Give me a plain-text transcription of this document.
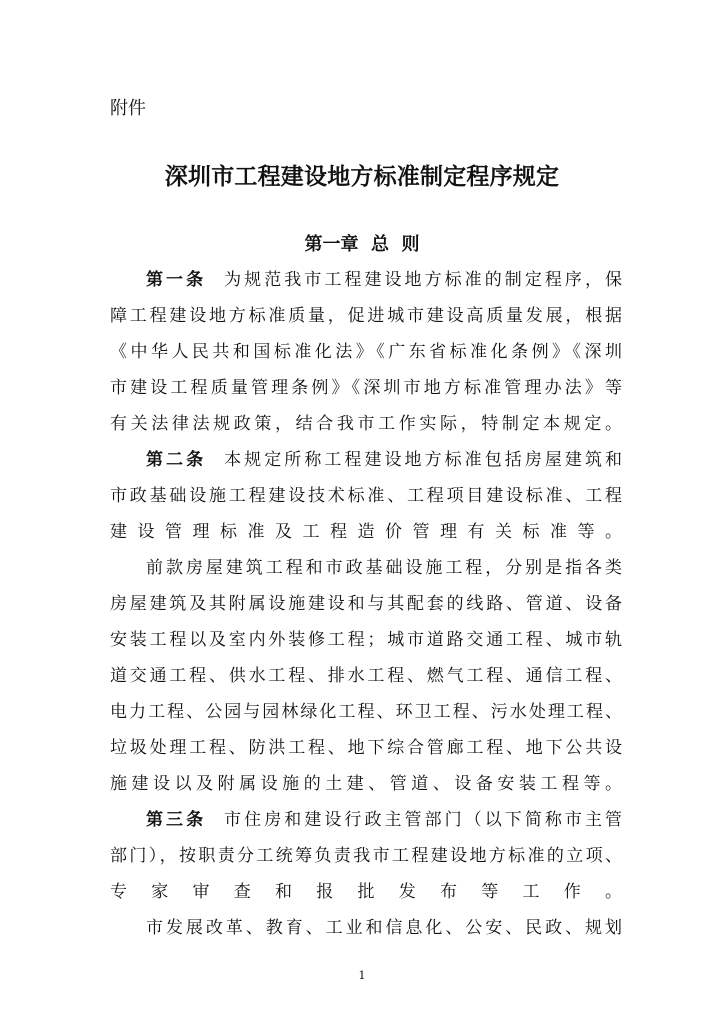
附件
深圳市工程建设地方标准制定程序规定
第一章  总  则
第一条 为规范我市工程建设地方标准的制定程序，保
障工程建设地方标准质量，促进城市建设高质量发展，根据
《中华人民共和国标准化法》《广东省标准化条例》《深圳
市建设工程质量管理条例》《深圳市地方标准管理办法》等
有关法律法规政策，结合我市工作实际，特制定本规定。
第二条 本规定所称工程建设地方标准包括房屋建筑和
市政基础设施工程建设技术标准、工程项目建设标准、工程
建设管理标准及工程造价管理有关标准等。
前款房屋建筑工程和市政基础设施工程，分别是指各类
房屋建筑及其附属设施建设和与其配套的线路、管道、设备
安装工程以及室内外装修工程；城市道路交通工程、城市轨
道交通工程、供水工程、排水工程、燃气工程、通信工程、
电力工程、公园与园林绿化工程、环卫工程、污水处理工程、
垃圾处理工程、防洪工程、地下综合管廊工程、地下公共设
施建设以及附属设施的土建、管道、设备安装工程等。
第三条 市住房和建设行政主管部门（以下简称市主管
部门），按职责分工统筹负责我市工程建设地方标准的立项、
专家审查和报批发布等工作。
市发展改革、教育、工业和信息化、公安、民政、规划
1
